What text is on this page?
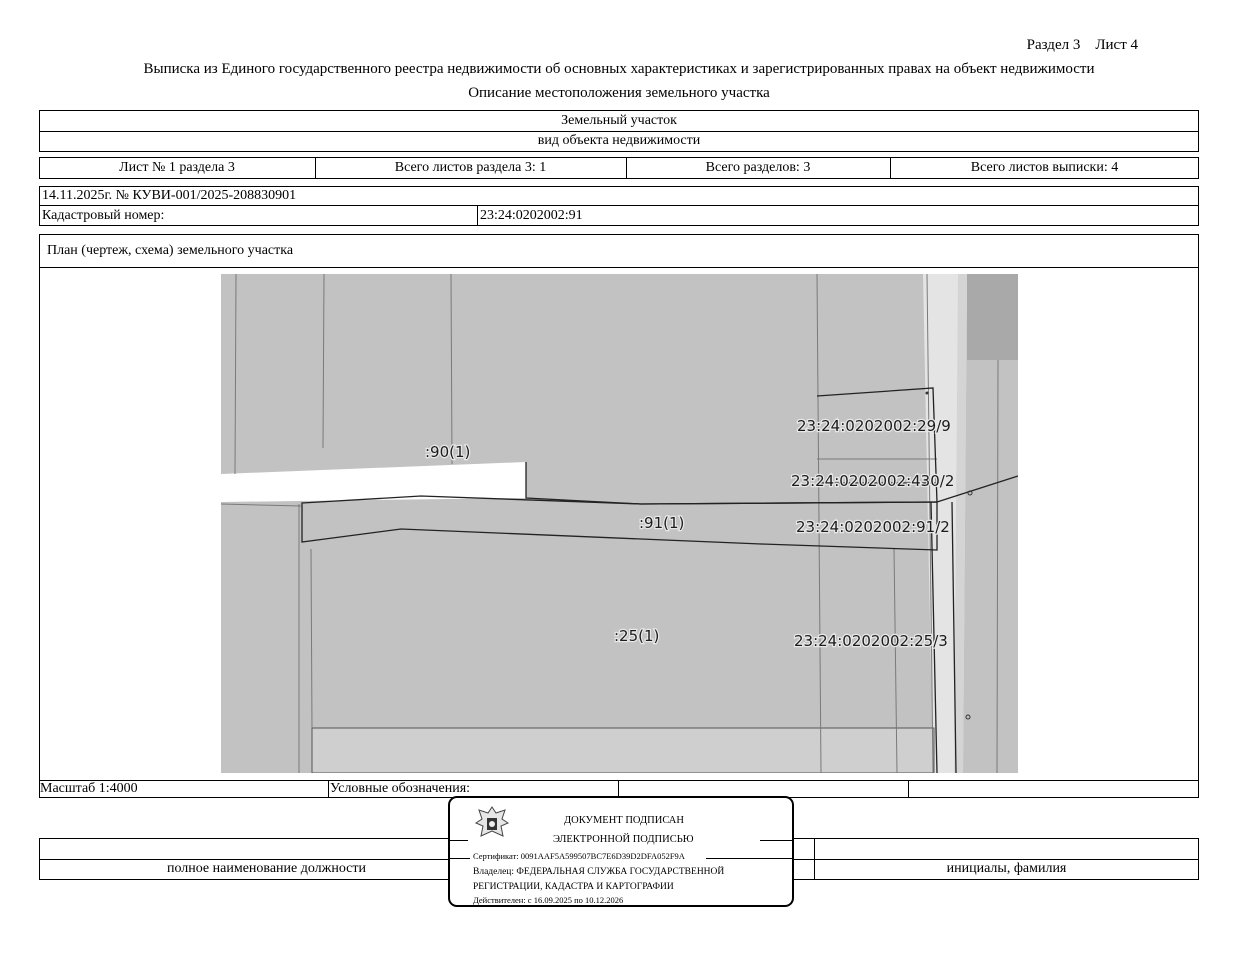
Раздел 3    Лист 4
Выписка из Единого государственного реестра недвижимости об основных характеристиках и зарегистрированных правах на объект недвижимости
Описание местоположения земельного участка
Земельный участок
вид объекта недвижимости
Лист № 1 раздела 3	Всего листов раздела 3: 1	Всего разделов: 3	Всего листов выписки: 4
14.11.2025г. № КУВИ-001/2025-208830901
Кадастровый номер:	23:24:0202002:91
План (чертеж, схема) земельного участка
:90(1)
:91(1)
:25(1)
23:24:0202002:29/9
23:24:0202002:430/2
23:24:0202002:91/2
23:24:0202002:25/3
Масштаб 1:4000	Условные обозначения:
полное наименование должности	инициалы, фамилия
ДОКУМЕНТ ПОДПИСАН
ЭЛЕКТРОННОЙ ПОДПИСЬЮ
Сертификат: 0091AAF5A599507BC7E6D39D2DFA052F9A
Владелец: ФЕДЕРАЛЬНАЯ СЛУЖБА ГОСУДАРСТВЕННОЙ
РЕГИСТРАЦИИ, КАДАСТРА И КАРТОГРАФИИ
Действителен: с 16.09.2025 по 10.12.2026
